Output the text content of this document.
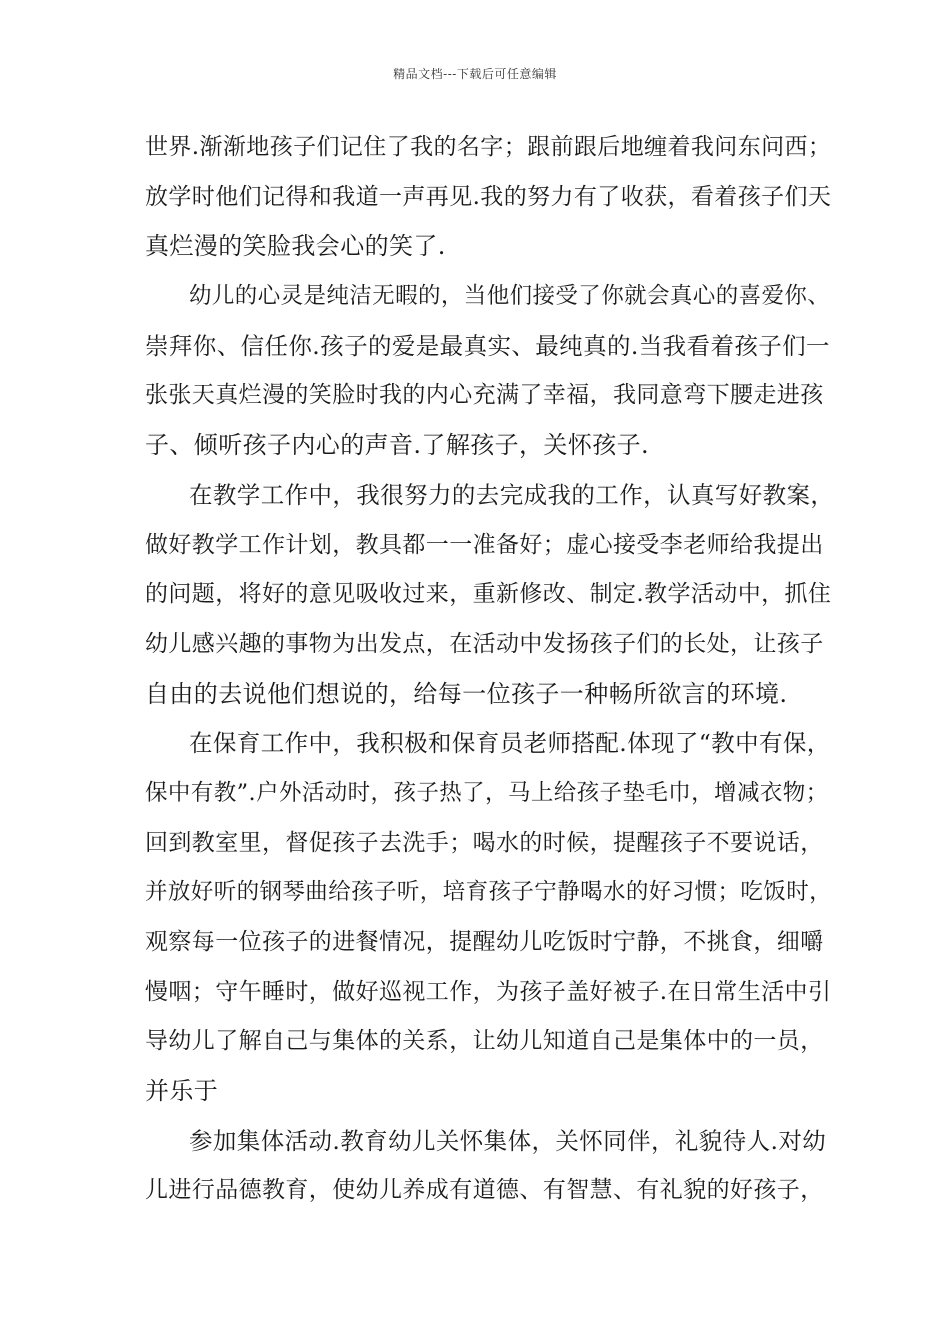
精品文档---下载后可任意编辑
世界.渐渐地孩子们记住了我的名字；跟前跟后地缠着我问东问西；
放学时他们记得和我道一声再见.我的努力有了收获，看着孩子们天
真烂漫的笑脸我会心的笑了.
幼儿的心灵是纯洁无暇的，当他们接受了你就会真心的喜爱你、
崇拜你、信任你.孩子的爱是最真实、最纯真的.当我看着孩子们一
张张天真烂漫的笑脸时我的内心充满了幸福，我同意弯下腰走进孩
子、倾听孩子内心的声音.了解孩子，关怀孩子.
在教学工作中，我很努力的去完成我的工作，认真写好教案，
做好教学工作计划，教具都一一准备好；虚心接受李老师给我提出
的问题，将好的意见吸收过来，重新修改、制定.教学活动中，抓住
幼儿感兴趣的事物为出发点，在活动中发扬孩子们的长处，让孩子
自由的去说他们想说的，给每一位孩子一种畅所欲言的环境.
在保育工作中，我积极和保育员老师搭配.体现了“教中有保，
保中有教”.户外活动时，孩子热了，马上给孩子垫毛巾，增减衣物；
回到教室里，督促孩子去洗手；喝水的时候，提醒孩子不要说话，
并放好听的钢琴曲给孩子听，培育孩子宁静喝水的好习惯；吃饭时，
观察每一位孩子的进餐情况，提醒幼儿吃饭时宁静，不挑食，细嚼
慢咽；守午睡时，做好巡视工作，为孩子盖好被子.在日常生活中引
导幼儿了解自己与集体的关系，让幼儿知道自己是集体中的一员，
并乐于
参加集体活动.教育幼儿关怀集体，关怀同伴，礼貌待人.对幼
儿进行品德教育，使幼儿养成有道德、有智慧、有礼貌的好孩子，
